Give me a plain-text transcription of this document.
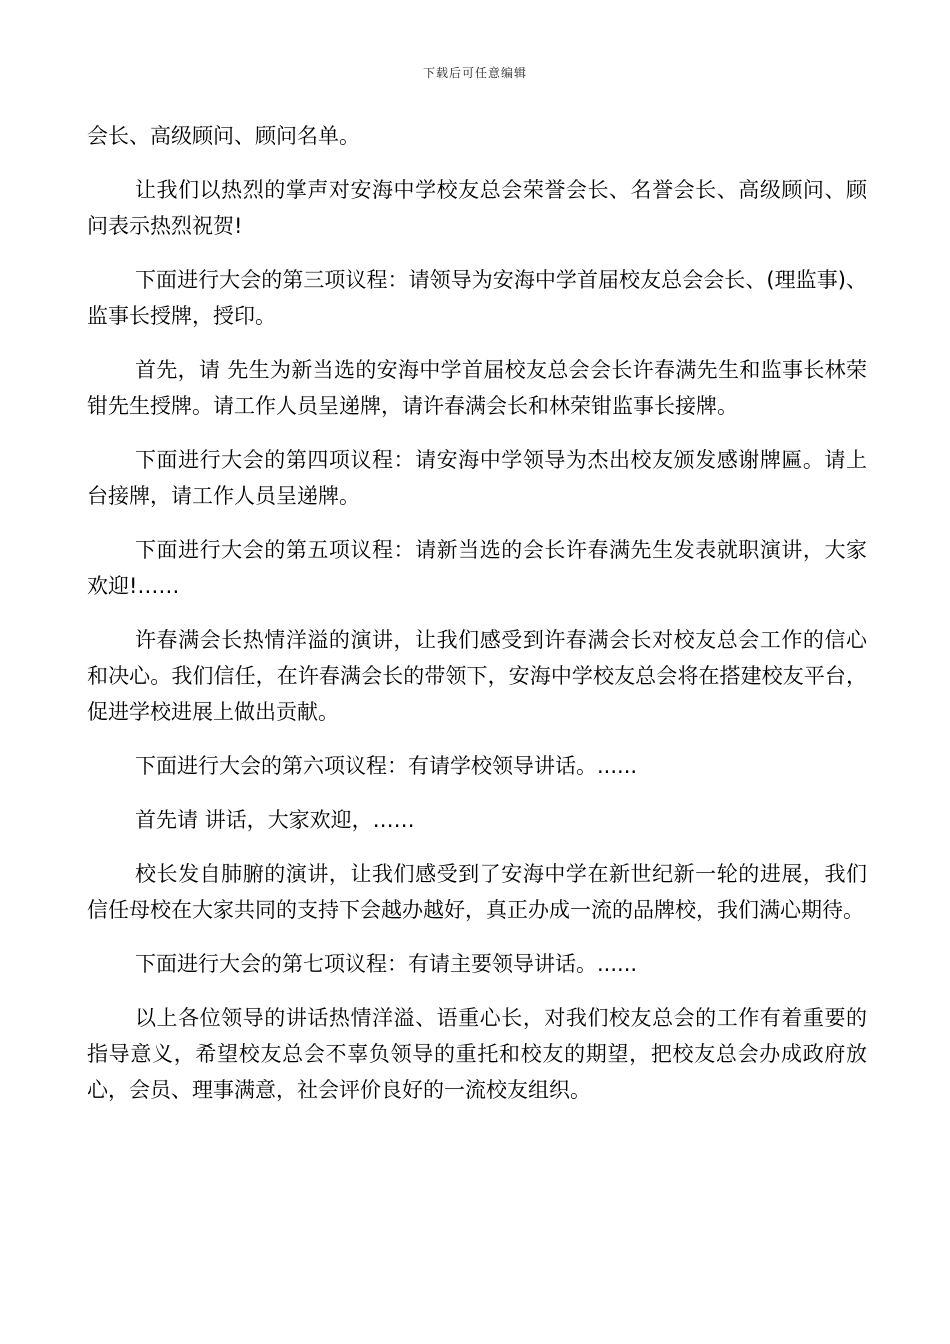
下载后可任意编辑

会长、高级顾问、顾问名单。

让我们以热烈的掌声对安海中学校友总会荣誉会长、名誉会长、高级顾问、顾问表示热烈祝贺!

下面进行大会的第三项议程：请领导为安海中学首届校友总会会长、(理监事)、监事长授牌，授印。

首先，请 先生为新当选的安海中学首届校友总会会长许春满先生和监事长林荣钳先生授牌。请工作人员呈递牌，请许春满会长和林荣钳监事长接牌。

下面进行大会的第四项议程：请安海中学领导为杰出校友颁发感谢牌匾。请上台接牌，请工作人员呈递牌。

下面进行大会的第五项议程：请新当选的会长许春满先生发表就职演讲，大家欢迎!……

许春满会长热情洋溢的演讲，让我们感受到许春满会长对校友总会工作的信心和决心。我们信任，在许春满会长的带领下，安海中学校友总会将在搭建校友平台，促进学校进展上做出贡献。

下面进行大会的第六项议程：有请学校领导讲话。......

首先请 讲话，大家欢迎，……

校长发自肺腑的演讲，让我们感受到了安海中学在新世纪新一轮的进展，我们信任母校在大家共同的支持下会越办越好，真正办成一流的品牌校，我们满心期待。

下面进行大会的第七项议程：有请主要领导讲话。......

以上各位领导的讲话热情洋溢、语重心长，对我们校友总会的工作有着重要的指导意义，希望校友总会不辜负领导的重托和校友的期望，把校友总会办成政府放心，会员、理事满意，社会评价良好的一流校友组织。
